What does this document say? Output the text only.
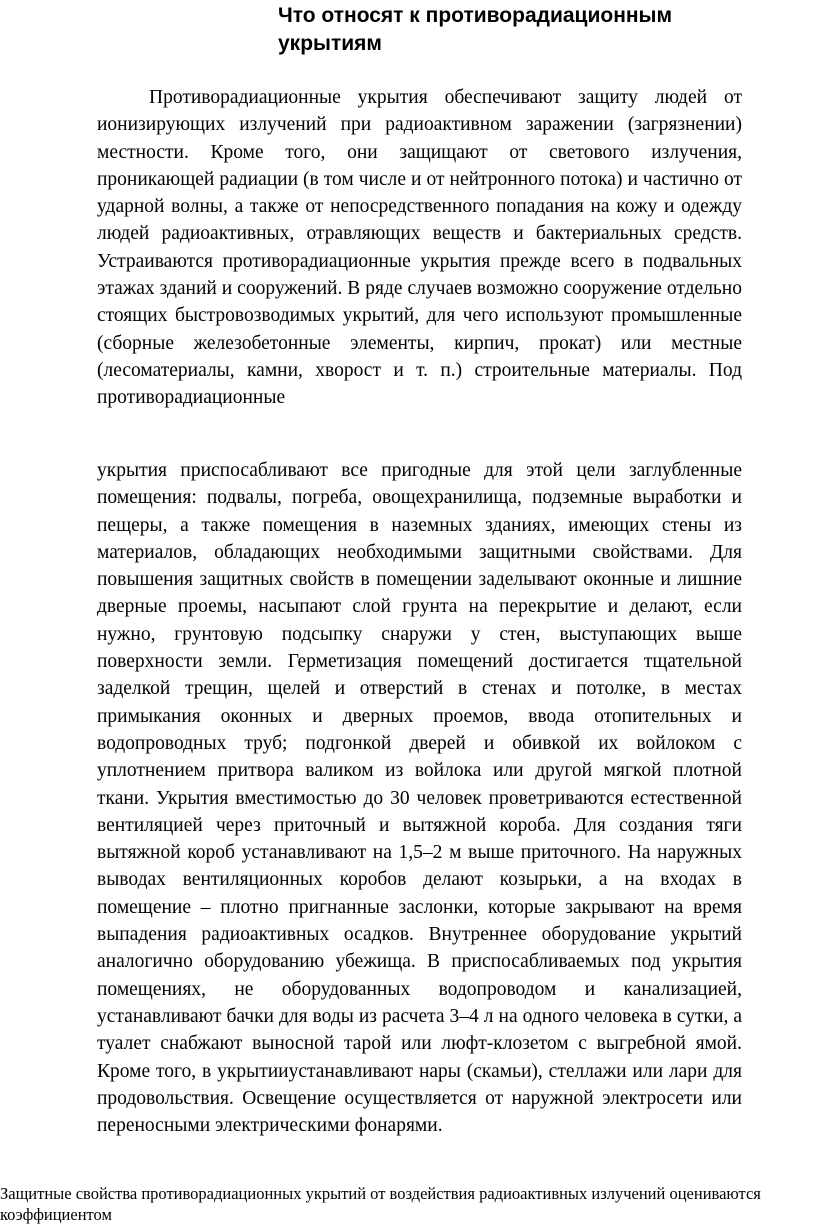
Что относят к противорадиационным укрытиям

Противорадиационные укрытия обеспечивают защиту людей от ионизирующих излучений при радиоактивном заражении (загрязнении) местности. Кроме того, они защищают от светового излучения, проникающей радиации (в том числе и от нейтронного потока) и частично от ударной волны, а также от непосредственного попадания на кожу и одежду людей радиоактивных, отравляющих веществ и бактериальных средств. Устраиваются противорадиационные укрытия прежде всего в подвальных этажах зданий и сооружений. В ряде случаев возможно сооружение отдельно стоящих быстровозводимых укрытий, для чего используют промышленные (сборные железобетонные элементы, кирпич, прокат) или местные (лесоматериалы, камни, хворост и т. п.) строительные материалы. Под противорадиационные

укрытия приспосабливают все пригодные для этой цели заглубленные помещения: подвалы, погреба, овощехранилища, подземные выработки и пещеры, а также помещения в наземных зданиях, имеющих стены из материалов, обладающих необходимыми защитными свойствами. Для повышения защитных свойств в помещении заделывают оконные и лишние дверные проемы, насыпают слой грунта на перекрытие и делают, если нужно, грунтовую подсыпку снаружи у стен, выступающих выше поверхности земли. Герметизация помещений достигается тщательной заделкой трещин, щелей и отверстий в стенах и потолке, в местах примыкания оконных и дверных проемов, ввода отопительных и водопроводных труб; подгонкой дверей и обивкой их войлоком с уплотнением притвора валиком из войлока или другой мягкой плотной ткани. Укрытия вместимостью до 30 человек проветриваются естественной вентиляцией через приточный и вытяжной короба. Для создания тяги вытяжной короб устанавливают на 1,5–2 м выше приточного. На наружных выводах вентиляционных коробов делают козырьки, а на входах в помещение – плотно пригнанные заслонки, которые закрывают на время выпадения радиоактивных осадков. Внутреннее оборудование укрытий аналогично оборудованию убежища. В приспосабливаемых под укрытия помещениях, не оборудованных водопроводом и канализацией, устанавливают бачки для воды из расчета 3–4 л на одного человека в сутки, а туалет снабжают выносной тарой или люфт-клозетом с выгребной ямой. Кроме того, в укрытииустанавливают нары (скамьи), стеллажи или лари для продовольствия. Освещение осуществляется от наружной электросети или переносными электрическими фонарями.

Защитные свойства противорадиационных укрытий от воздействия радиоактивных излучений оцениваются коэффициентом
